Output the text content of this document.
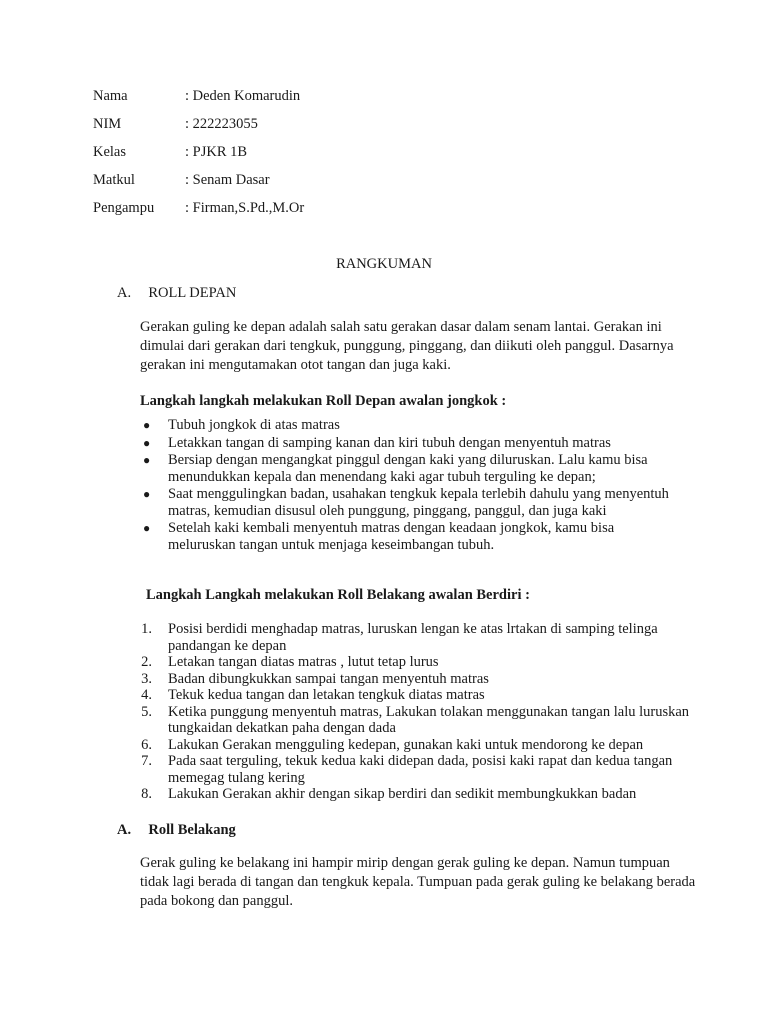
Nama	: Deden Komarudin
NIM	: 222223055
Kelas	: PJKR 1B
Matkul	: Senam Dasar
Pengampu : Firman,S.Pd.,M.Or
RANGKUMAN
A. ROLL DEPAN
Gerakan guling ke depan adalah salah satu gerakan dasar dalam senam lantai. Gerakan ini dimulai dari gerakan dari tengkuk, punggung, pinggang, dan diikuti oleh panggul. Dasarnya gerakan ini mengutamakan otot tangan dan juga kaki.
Langkah langkah melakukan Roll Depan awalan jongkok :
● Tubuh jongkok di atas matras
● Letakkan tangan di samping kanan dan kiri tubuh dengan menyentuh matras
● Bersiap dengan mengangkat pinggul dengan kaki yang diluruskan. Lalu kamu bisa menundukkan kepala dan menendang kaki agar tubuh terguling ke depan;
● Saat menggulingkan badan, usahakan tengkuk kepala terlebih dahulu yang menyentuh matras, kemudian disusul oleh punggung, pinggang, panggul, dan juga kaki
● Setelah kaki kembali menyentuh matras dengan keadaan jongkok, kamu bisa meluruskan tangan untuk menjaga keseimbangan tubuh.
Langkah Langkah melakukan Roll Belakang awalan Berdiri :
1. Posisi berdidi menghadap matras, luruskan lengan ke atas lrtakan di samping telinga pandangan ke depan
2. Letakan tangan diatas matras , lutut tetap lurus
3. Badan dibungkukkan sampai tangan menyentuh matras
4. Tekuk kedua tangan dan letakan tengkuk diatas matras
5. Ketika punggung menyentuh matras, Lakukan tolakan menggunakan tangan lalu luruskan tungkaidan dekatkan paha dengan dada
6. Lakukan Gerakan mengguling kedepan, gunakan kaki untuk mendorong ke depan
7. Pada saat terguling, tekuk kedua kaki didepan dada, posisi kaki rapat dan kedua tangan memegag tulang kering
8. Lakukan Gerakan akhir dengan sikap berdiri dan sedikit membungkukkan badan
A. Roll Belakang
Gerak guling ke belakang ini hampir mirip dengan gerak guling ke depan. Namun tumpuan tidak lagi berada di tangan dan tengkuk kepala. Tumpuan pada gerak guling ke belakang berada pada bokong dan panggul.
